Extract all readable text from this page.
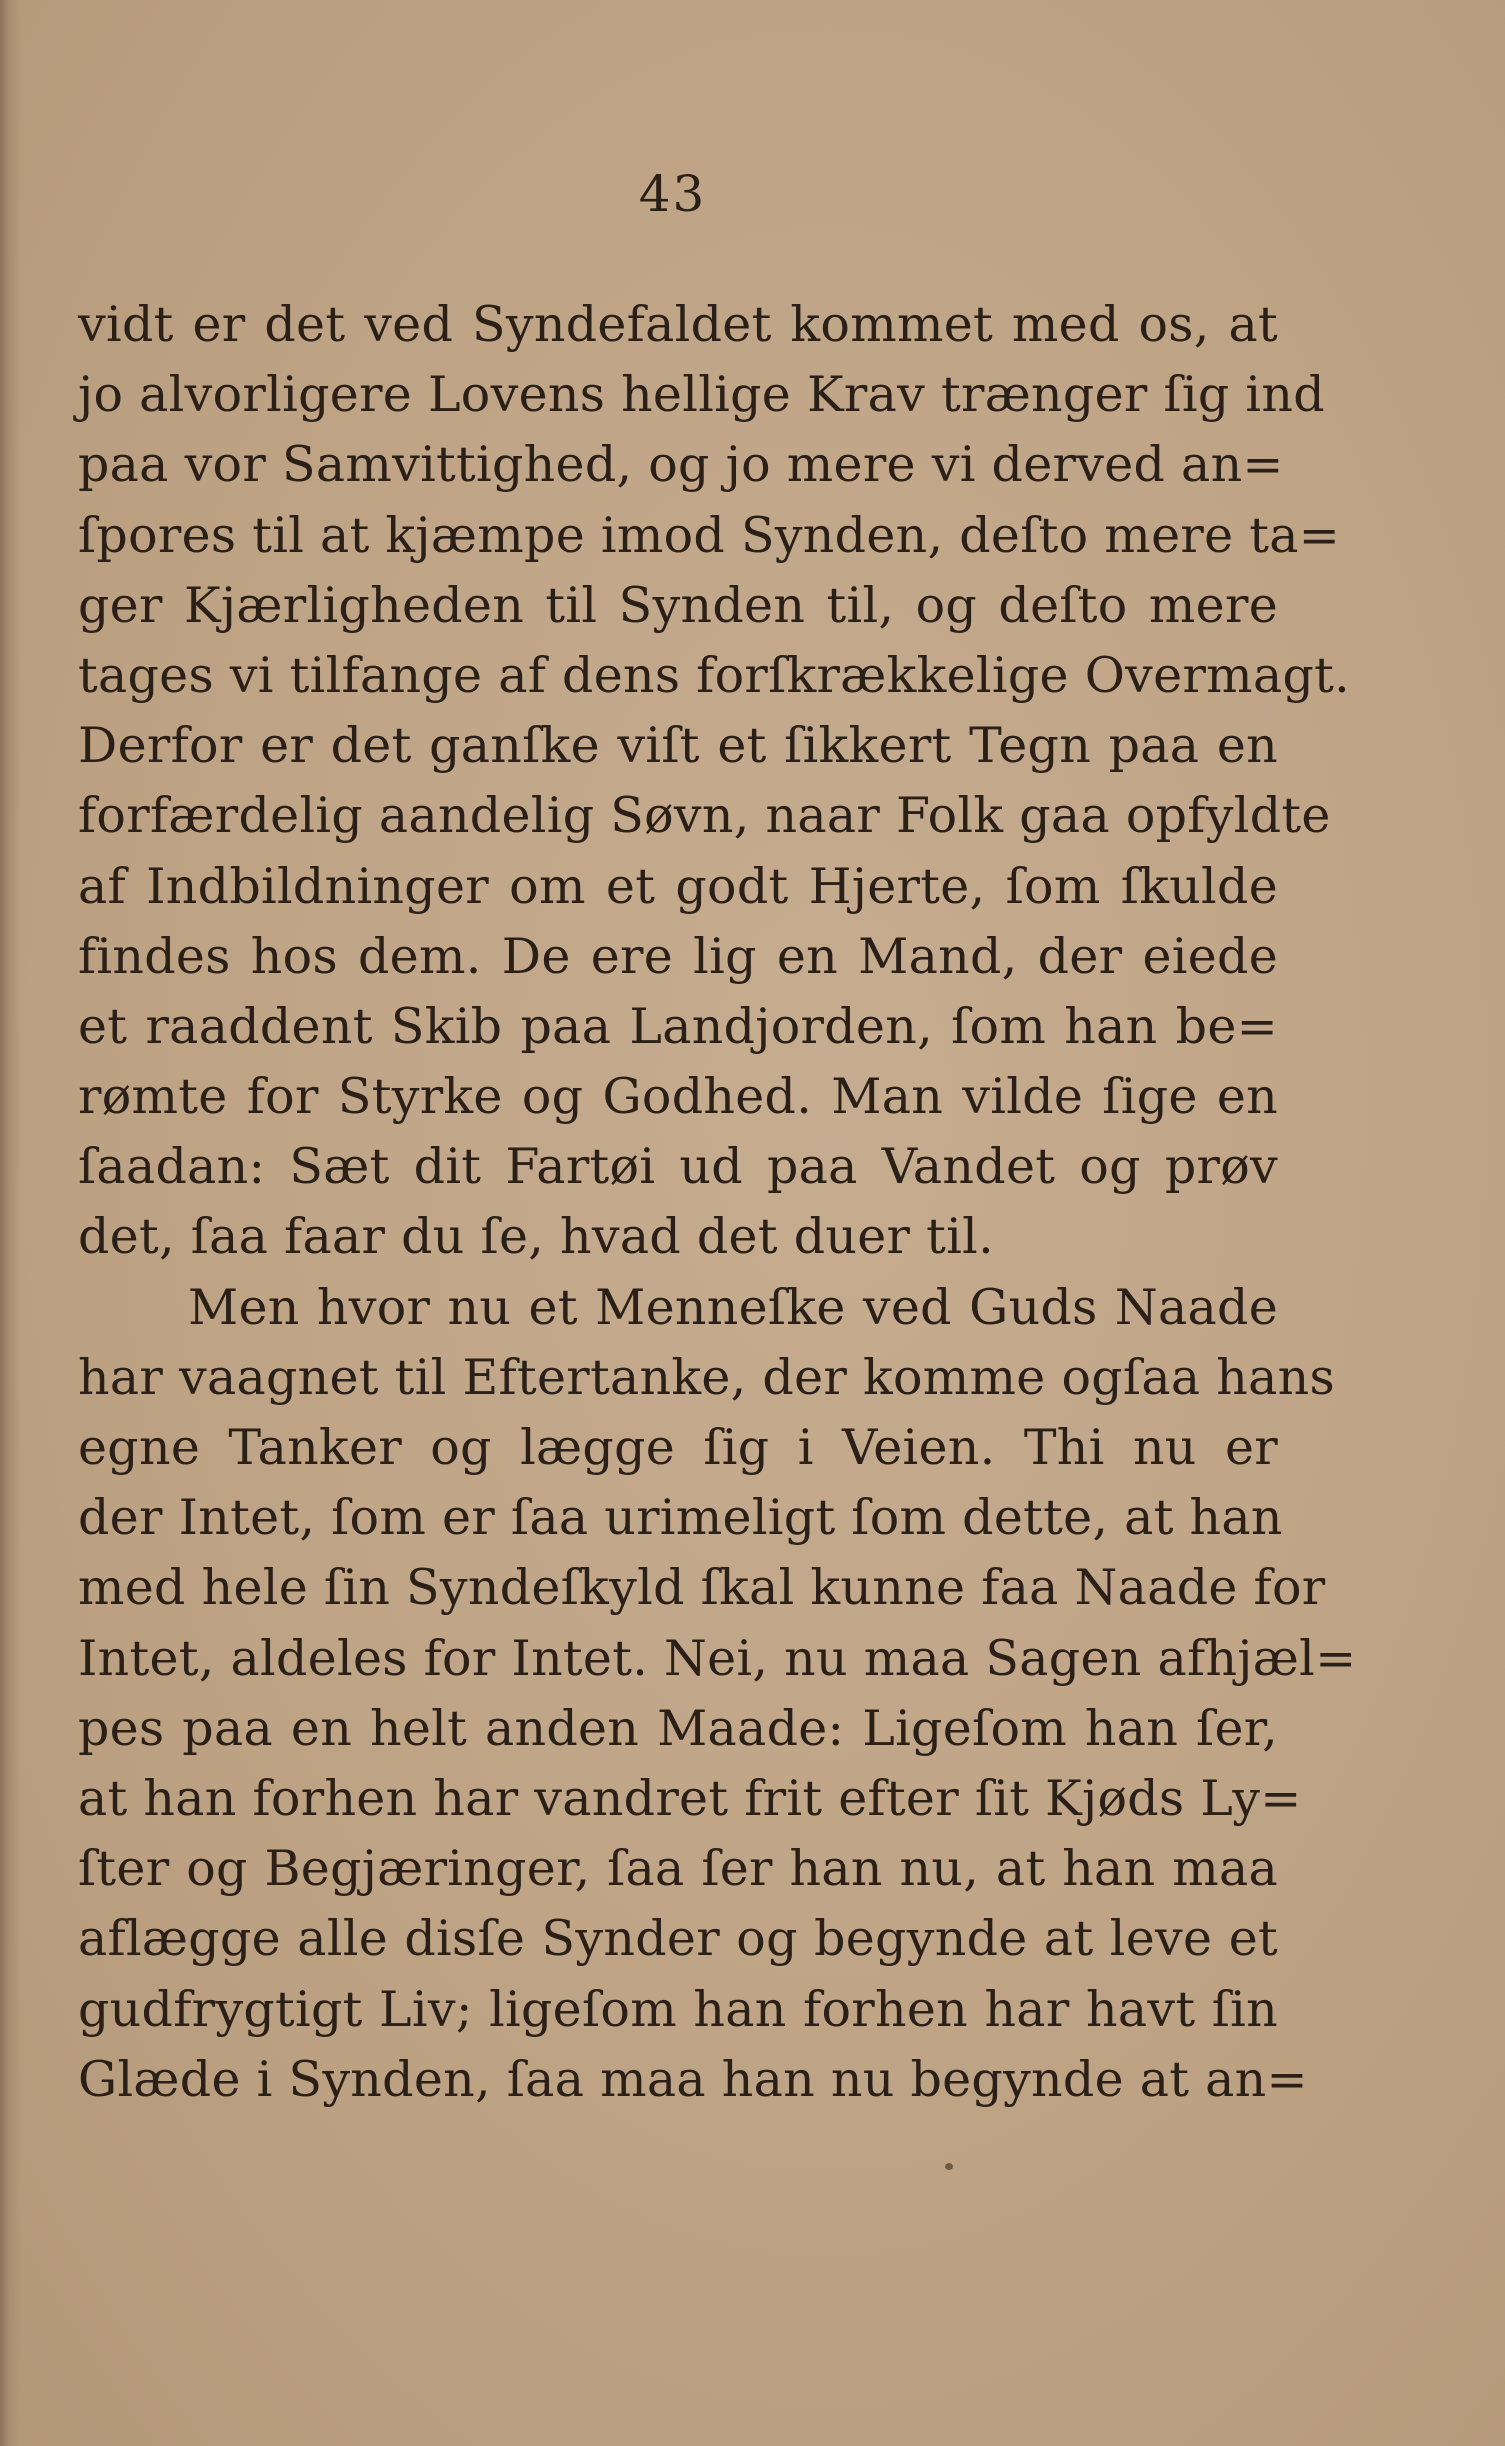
43
vidt er det ved Syndefaldet kommet med os, at
jo alvorligere Lovens hellige Krav trænger ſig ind
paa vor Samvittighed, og jo mere vi derved an=
ſpores til at kjæmpe imod Synden, deſto mere ta=
ger Kjærligheden til Synden til, og deſto mere
tages vi tilfange af dens forſkrækkelige Overmagt.
Derfor er det ganſke viſt et ſikkert Tegn paa en
forfærdelig aandelig Søvn, naar Folk gaa opfyldte
af Indbildninger om et godt Hjerte, ſom ſkulde
findes hos dem. De ere lig en Mand, der eiede
et raaddent Skib paa Landjorden, ſom han be=
rømte for Styrke og Godhed. Man vilde ſige en
ſaadan: Sæt dit Fartøi ud paa Vandet og prøv
det, ſaa faar du ſe, hvad det duer til.
Men hvor nu et Menneſke ved Guds Naade
har vaagnet til Eftertanke, der komme ogſaa hans
egne Tanker og lægge ſig i Veien. Thi nu er
der Intet, ſom er ſaa urimeligt ſom dette, at han
med hele ſin Syndeſkyld ſkal kunne faa Naade for
Intet, aldeles for Intet. Nei, nu maa Sagen afhjæl=
pes paa en helt anden Maade: Ligeſom han ſer,
at han forhen har vandret frit efter ſit Kjøds Ly=
ſter og Begjæringer, ſaa ſer han nu, at han maa
aflægge alle disſe Synder og begynde at leve et
gudfrygtigt Liv; ligeſom han forhen har havt ſin
Glæde i Synden, ſaa maa han nu begynde at an=
